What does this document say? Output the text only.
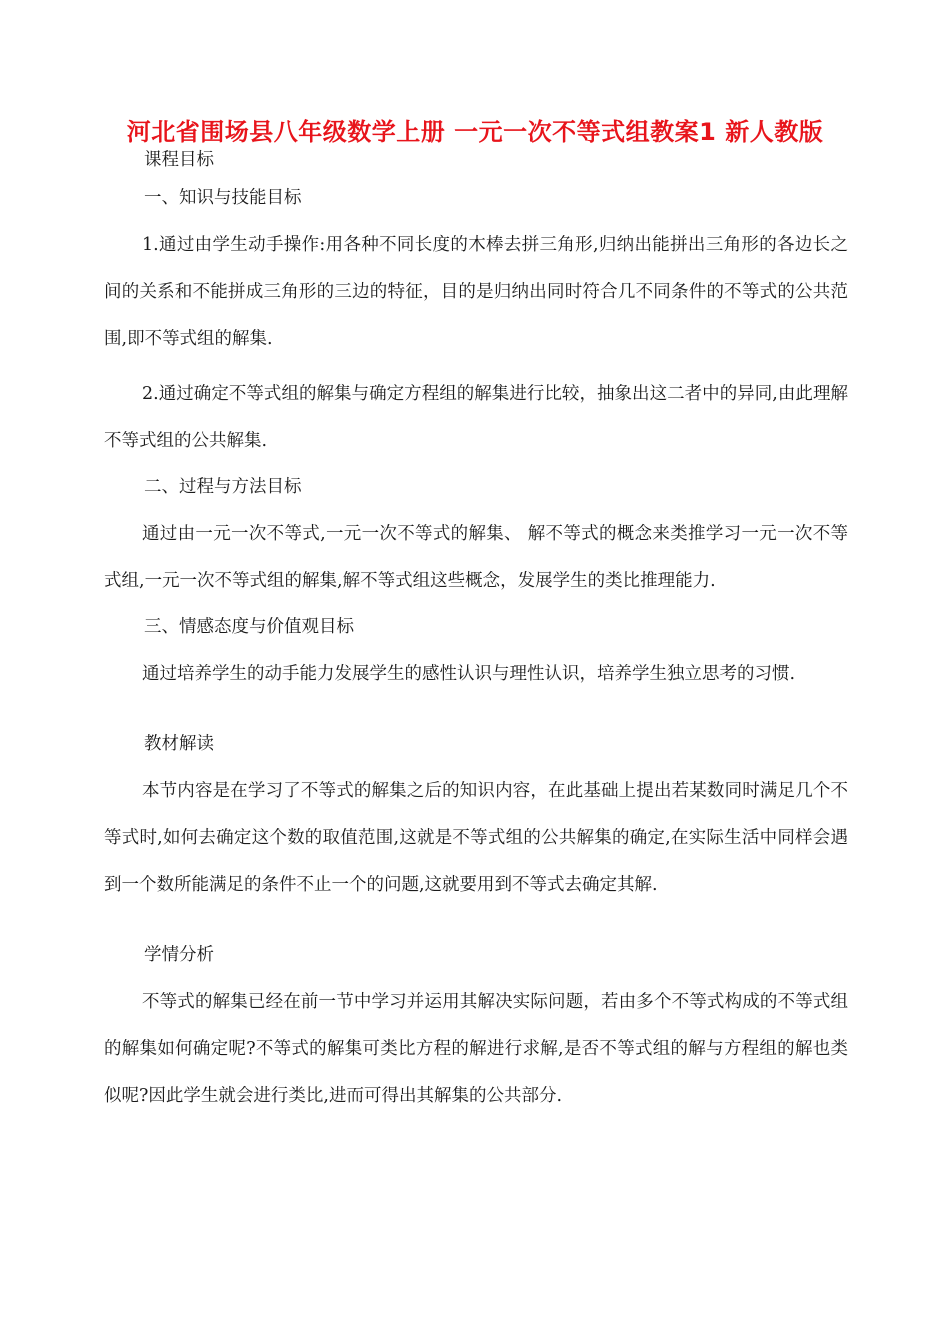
河北省围场县八年级数学上册 一元一次不等式组教案1 新人教版

课程目标

一、知识与技能目标

1.通过由学生动手操作:用各种不同长度的木棒去拼三角形,归纳出能拼出三角形的各边长之间的关系和不能拼成三角形的三边的特征，目的是归纳出同时符合几不同条件的不等式的公共范围,即不等式组的解集.

2.通过确定不等式组的解集与确定方程组的解集进行比较，抽象出这二者中的异同,由此理解不等式组的公共解集.

二、过程与方法目标

通过由一元一次不等式,一元一次不等式的解集、 解不等式的概念来类推学习一元一次不等式组,一元一次不等式组的解集,解不等式组这些概念，发展学生的类比推理能力.

三、情感态度与价值观目标

通过培养学生的动手能力发展学生的感性认识与理性认识，培养学生独立思考的习惯.

教材解读

本节内容是在学习了不等式的解集之后的知识内容，在此基础上提出若某数同时满足几个不等式时,如何去确定这个数的取值范围,这就是不等式组的公共解集的确定,在实际生活中同样会遇到一个数所能满足的条件不止一个的问题,这就要用到不等式去确定其解.

学情分析

不等式的解集已经在前一节中学习并运用其解决实际问题，若由多个不等式构成的不等式组的解集如何确定呢?不等式的解集可类比方程的解进行求解,是否不等式组的解与方程组的解也类似呢?因此学生就会进行类比,进而可得出其解集的公共部分.
